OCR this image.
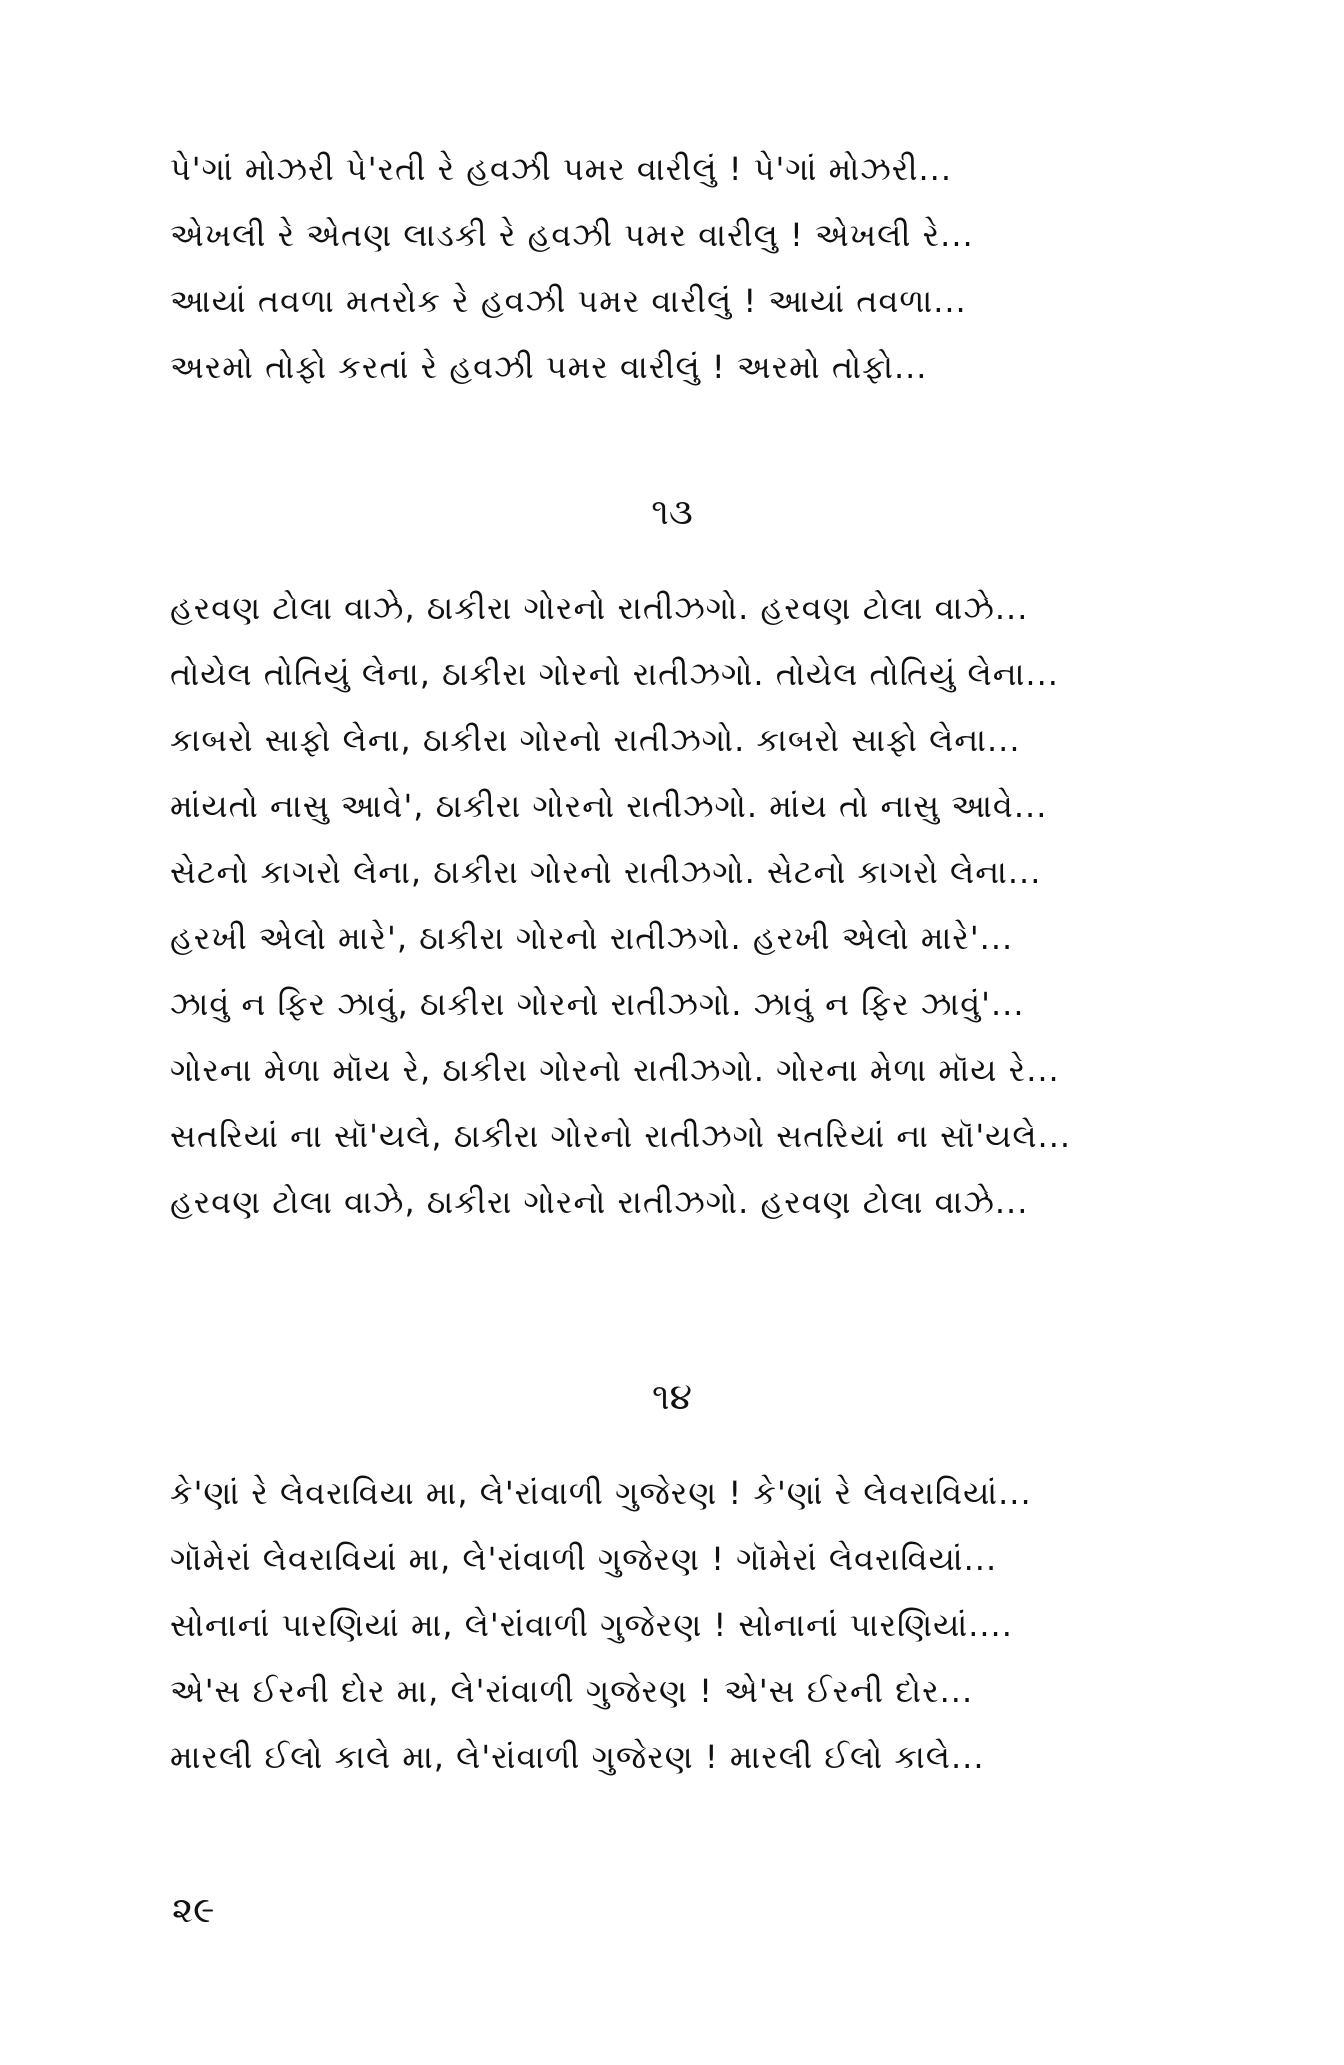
પે'ગાં મોઝરી પે'રતી રે હવઝી પમર વારીલું ! પે'ગાં મોઝરી...
એખલી રે એતણ લાડકી રે હવઝી પમર વારીલુ ! એખલી રે...
આયાં તવળા મતરોક રે હવઝી પમર વારીલું ! આયાં તવળા...
અરમો તોફો કરતાં રે હવઝી પમર વારીલું ! અરમો તોફો...
૧૩
હરવણ ટોલા વાઝે, ઠાકીરા ગોરનો રાતીઝગો. હરવણ ટોલા વાઝે...
તોયેલ તોતિયું લેના, ઠાકીરા ગોરનો રાતીઝગો. તોયેલ તોતિયું લેના...
કાબરો સાફો લેના, ઠાકીરા ગોરનો રાતીઝગો. કાબરો સાફો લેના...
માંયતો નાસુ આવે', ઠાકીરા ગોરનો રાતીઝગો. માંય તો નાસુ આવે...
સેટનો કાગરો લેના, ઠાકીરા ગોરનો રાતીઝગો. સેટનો કાગરો લેના...
હરખી એલો મારે', ઠાકીરા ગોરનો રાતીઝગો. હરખી એલો મારે'...
ઝાવું ન ફિર ઝાવું, ઠાકીરા ગોરનો રાતીઝગો. ઝાવું ન ફિર ઝાવું'...
ગોરના મેળા મૉય રે, ઠાકીરા ગોરનો રાતીઝગો. ગોરના મેળા મૉય રે...
સતરિયાં ના સૉ'યલે, ઠાકીરા ગોરનો રાતીઝગો સતરિયાં ના સૉ'યલે...
હરવણ ટોલા વાઝે, ઠાકીરા ગોરનો રાતીઝગો. હરવણ ટોલા વાઝે...
૧૪
કે'ણાં રે લેવરાવિયા મા, લે'રાંવાળી ગુજેરણ ! કે'ણાં રે લેવરાવિયાં...
ગૉમેરાં લેવરાવિયાં મા, લે'રાંવાળી ગુજેરણ ! ગૉમેરાં લેવરાવિયાં...
સોનાનાં પારણિયાં મા, લે'રાંવાળી ગુજેરણ ! સોનાનાં પારણિયાં....
એ'સ ઈરની દોર મા, લે'રાંવાળી ગુજેરણ ! એ'સ ઈરની દોર...
મારલી ઈલો કાલે મા, લે'રાંવાળી ગુજેરણ ! મારલી ઈલો કાલે...
૨૯
